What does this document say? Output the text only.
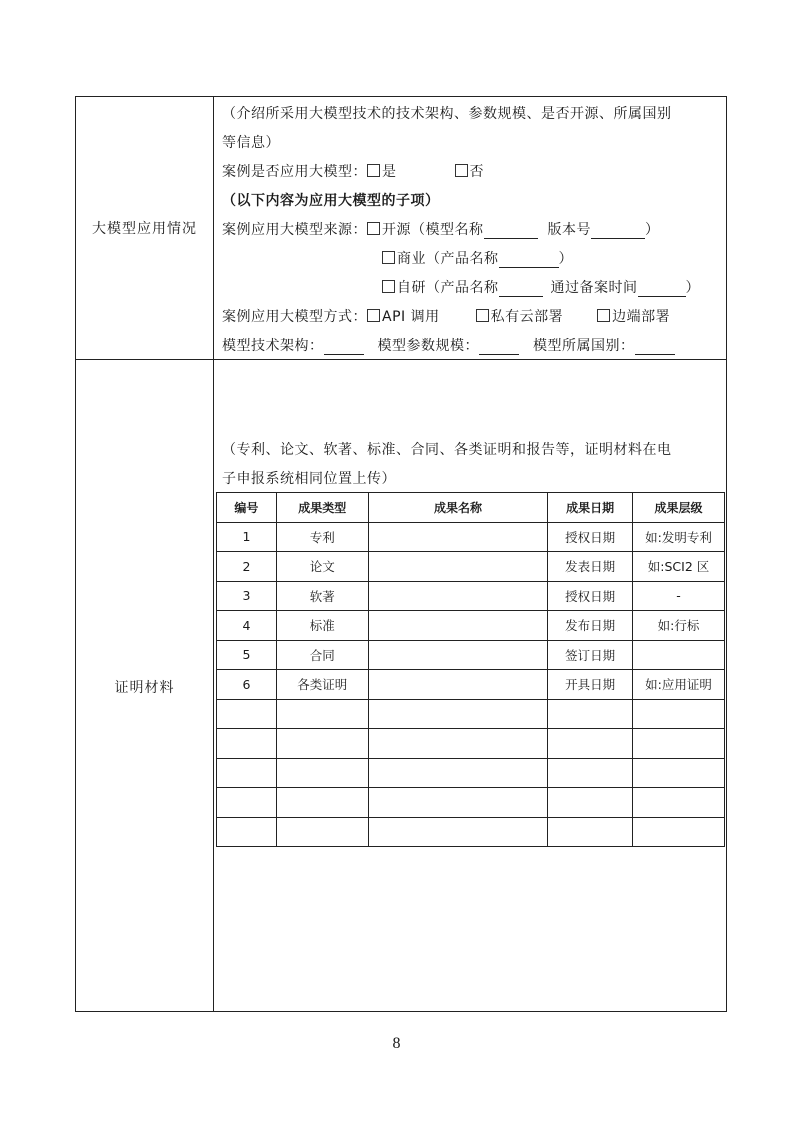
大模型应用情况
（介绍所采用大模型技术的技术架构、参数规模、是否开源、所属国别
等信息）
案例是否应用大模型： 是	否
（以下内容为应用大模型的子项）
案例应用大模型来源： 开源（模型名称	版本号	）
商业（产品名称	）
自研（产品名称	通过备案时间	）
案例应用大模型方式： API 调用	私有云部署	边端部署
模型技术架构：	模型参数规模：	模型所属国别：
证明材料
（专利、论文、软著、标准、合同、各类证明和报告等，证明材料在电
子申报系统相同位置上传）
编号	成果类型	成果名称	成果日期	成果层级
1	专利		授权日期	如:发明专利
2	论文		发表日期	如:SCI2 区
3	软著		授权日期	-
4	标准		发布日期	如:行标
5	合同		签订日期	
6	各类证明		开具日期	如:应用证明

8
